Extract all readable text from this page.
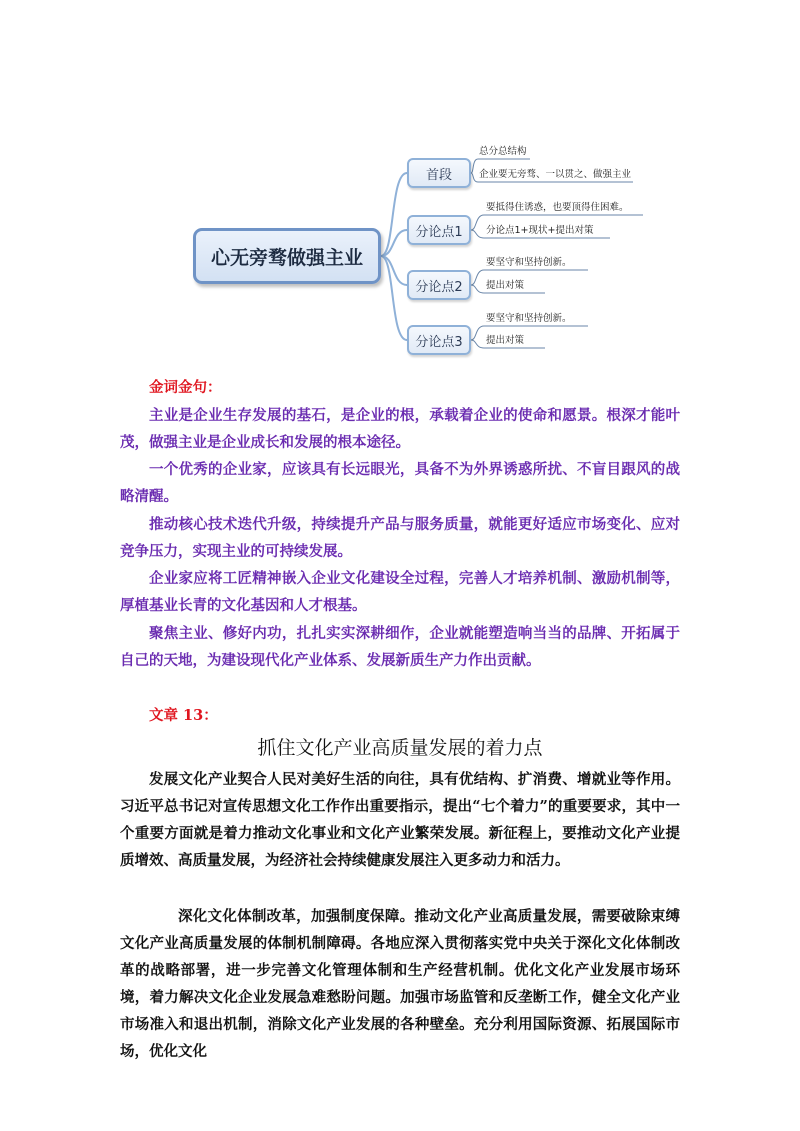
心无旁骛做强主业
首段
分论点1
分论点2
分论点3
总分总结构
企业要无旁骛、一以贯之、做强主业
要抵得住诱惑，也要顶得住困难。
分论点1+现状+提出对策
要坚守和坚持创新。
提出对策
要坚守和坚持创新。
提出对策
金词金句：
主业是企业生存发展的基石，是企业的根，承载着企业的使命和愿景。根深才能叶茂，做强主业是企业成长和发展的根本途径。
一个优秀的企业家，应该具有长远眼光，具备不为外界诱惑所扰、不盲目跟风的战略清醒。
推动核心技术迭代升级，持续提升产品与服务质量，就能更好适应市场变化、应对竞争压力，实现主业的可持续发展。
企业家应将工匠精神嵌入企业文化建设全过程，完善人才培养机制、激励机制等，厚植基业长青的文化基因和人才根基。
聚焦主业、修好内功，扎扎实实深耕细作，企业就能塑造响当当的品牌、开拓属于自己的天地，为建设现代化产业体系、发展新质生产力作出贡献。
文章 13：
抓住文化产业高质量发展的着力点
发展文化产业契合人民对美好生活的向往，具有优结构、扩消费、增就业等作用。习近平总书记对宣传思想文化工作作出重要指示，提出“七个着力”的重要要求，其中一个重要方面就是着力推动文化事业和文化产业繁荣发展。新征程上，要推动文化产业提质增效、高质量发展，为经济社会持续健康发展注入更多动力和活力。
深化文化体制改革，加强制度保障。推动文化产业高质量发展，需要破除束缚文化产业高质量发展的体制机制障碍。各地应深入贯彻落实党中央关于深化文化体制改革的战略部署，进一步完善文化管理体制和生产经营机制。优化文化产业发展市场环境，着力解决文化企业发展急难愁盼问题。加强市场监管和反垄断工作，健全文化产业市场准入和退出机制，消除文化产业发展的各种壁垒。充分利用国际资源、拓展国际市场，优化文化
